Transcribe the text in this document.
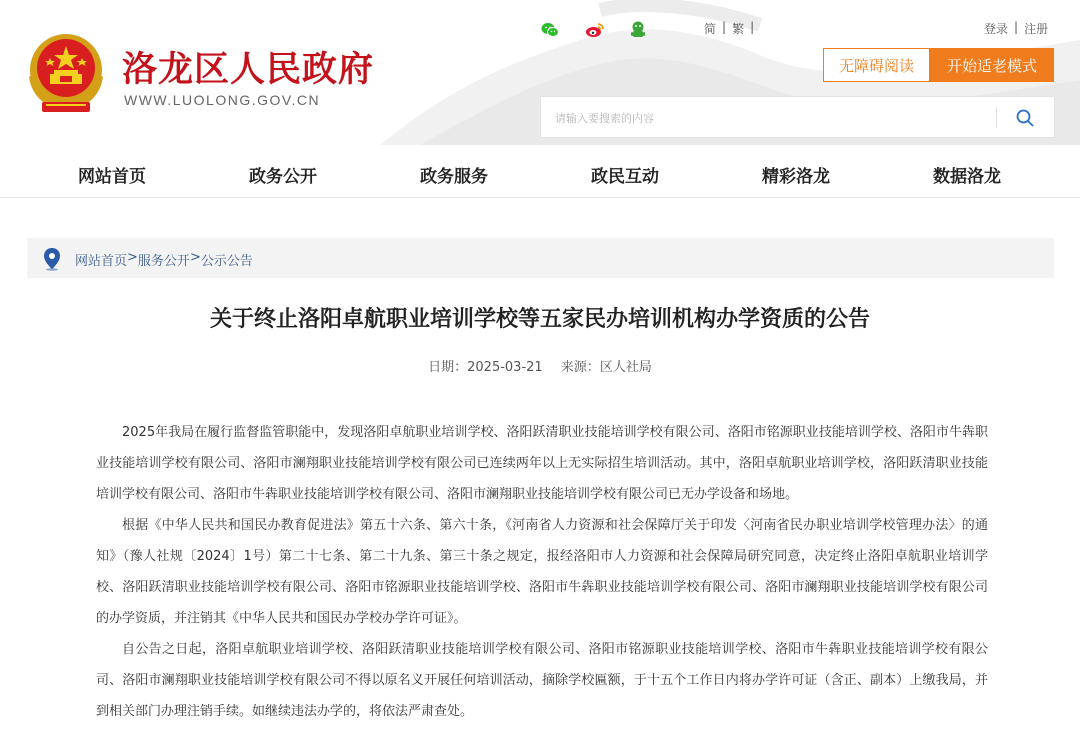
洛龙区人民政府
WWW.LUOLONG.GOV.CN
简 | 繁 |	登录 | 注册
无障碍阅读	开始适老模式
请输入要搜索的内容
网站首页	政务公开	政务服务	政民互动	精彩洛龙	数据洛龙
网站首页 > 服务公开 > 公示公告
关于终止洛阳卓航职业培训学校等五家民办培训机构办学资质的公告
日期：2025-03-21 来源：区人社局

2025年我局在履行监督监管职能中，发现洛阳卓航职业培训学校、洛阳跃清职业技能培训学校有限公司、洛阳市铭源职业技能培训学校、洛阳市牛犇职业技能培训学校有限公司、洛阳市澜翔职业技能培训学校有限公司已连续两年以上无实际招生培训活动。其中，洛阳卓航职业培训学校，洛阳跃清职业技能培训学校有限公司、洛阳市牛犇职业技能培训学校有限公司、洛阳市澜翔职业技能培训学校有限公司已无办学设备和场地。

根据《中华人民共和国民办教育促进法》第五十六条、第六十条，《河南省人力资源和社会保障厅关于印发〈河南省民办职业培训学校管理办法〉的通知》（豫人社规〔2024〕1号）第二十七条、第二十九条、第三十条之规定，报经洛阳市人力资源和社会保障局研究同意，决定终止洛阳卓航职业培训学校、洛阳跃清职业技能培训学校有限公司、洛阳市铭源职业技能培训学校、洛阳市牛犇职业技能培训学校有限公司、洛阳市澜翔职业技能培训学校有限公司的办学资质，并注销其《中华人民共和国民办学校办学许可证》。

自公告之日起，洛阳卓航职业培训学校、洛阳跃清职业技能培训学校有限公司、洛阳市铭源职业技能培训学校、洛阳市牛犇职业技能培训学校有限公司、洛阳市澜翔职业技能培训学校有限公司不得以原名义开展任何培训活动，摘除学校匾额，于十五个工作日内将办学许可证（含正、副本）上缴我局，并到相关部门办理注销手续。如继续违法办学的，将依法严肃查处。
